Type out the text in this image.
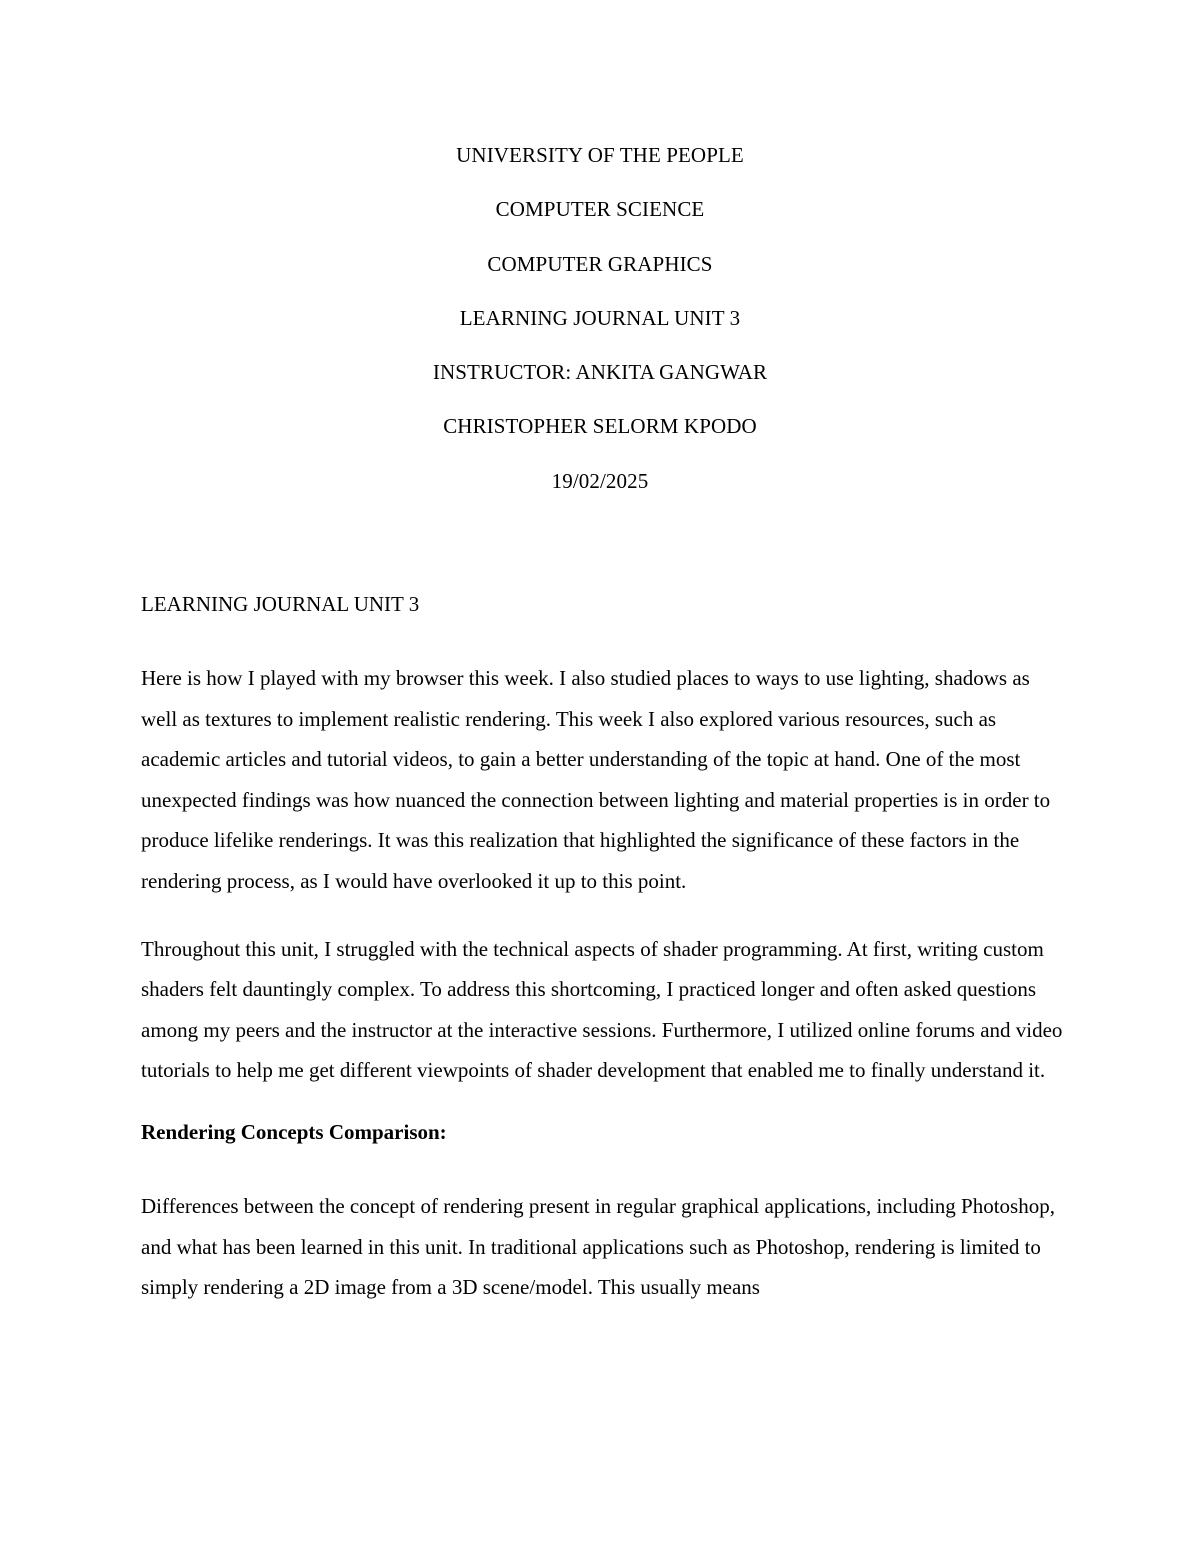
UNIVERSITY OF THE PEOPLE
COMPUTER SCIENCE
COMPUTER GRAPHICS
LEARNING JOURNAL UNIT 3
INSTRUCTOR: ANKITA GANGWAR
CHRISTOPHER SELORM KPODO
19/02/2025
LEARNING JOURNAL UNIT 3

Here is how I played with my browser this week. I also studied places to ways to use lighting, shadows as well as textures to implement realistic rendering. This week I also explored various resources, such as academic articles and tutorial videos, to gain a better understanding of the topic at hand. One of the most unexpected findings was how nuanced the connection between lighting and material properties is in order to produce lifelike renderings. It was this realization that highlighted the significance of these factors in the rendering process, as I would have overlooked it up to this point.

Throughout this unit, I struggled with the technical aspects of shader programming. At first, writing custom shaders felt dauntingly complex. To address this shortcoming, I practiced longer and often asked questions among my peers and the instructor at the interactive sessions. Furthermore, I utilized online forums and video tutorials to help me get different viewpoints of shader development that enabled me to finally understand it.

Rendering Concepts Comparison:

Differences between the concept of rendering present in regular graphical applications, including Photoshop, and what has been learned in this unit. In traditional applications such as Photoshop, rendering is limited to simply rendering a 2D image from a 3D scene/model. This usually means
